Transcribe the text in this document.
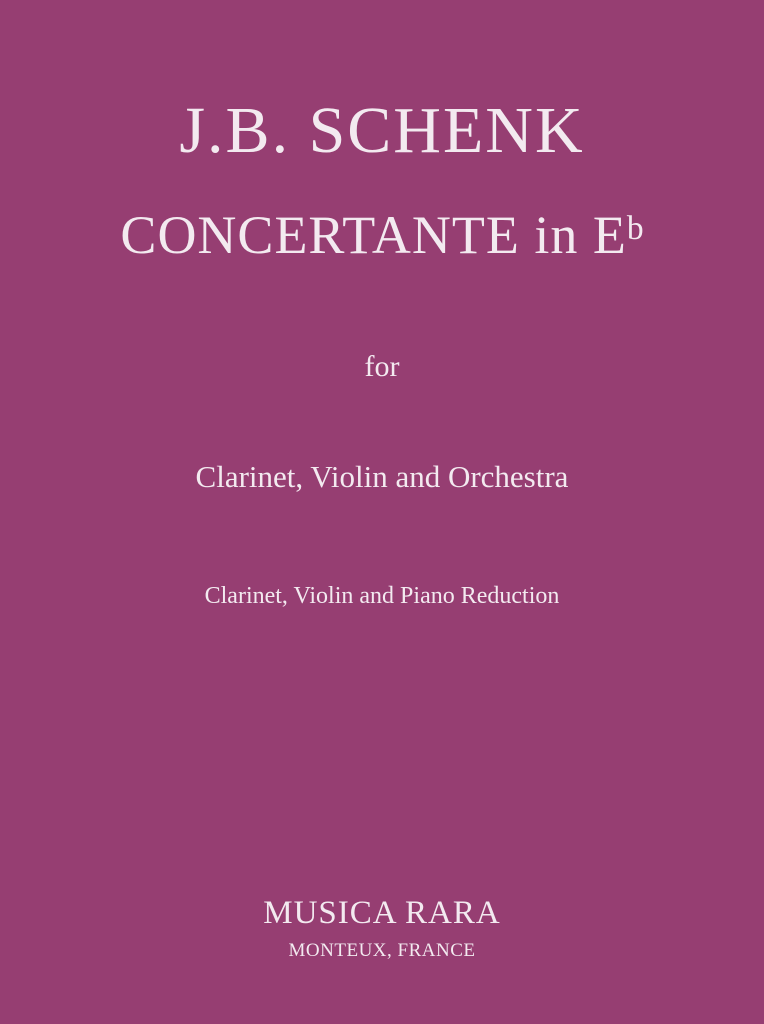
J.B. SCHENK
CONCERTANTE in $E^b$
for
Clarinet, Violin and Orchestra
Clarinet, Violin and Piano Reduction
MUSICA RARA
MONTEUX, FRANCE
